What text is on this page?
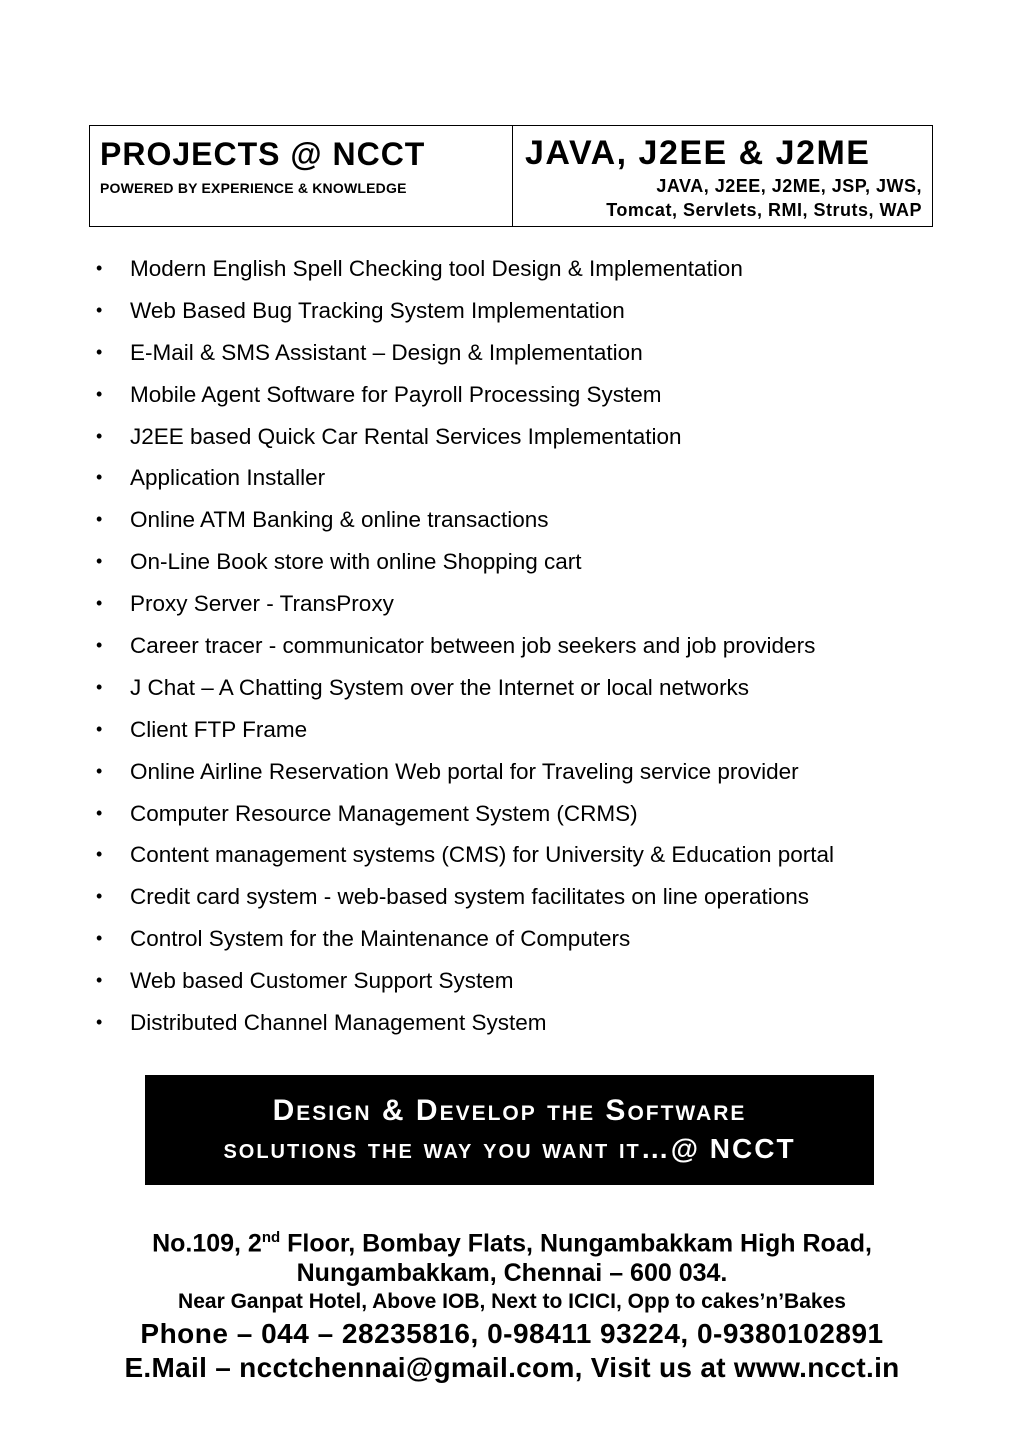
PROJECTS @ NCCT
POWERED BY EXPERIENCE & KNOWLEDGE
JAVA, J2EE & J2ME
JAVA, J2EE, J2ME, JSP, JWS,
Tomcat, Servlets, RMI, Struts, WAP
•	Modern English Spell Checking tool Design & Implementation
•	Web Based Bug Tracking System Implementation
•	E-Mail & SMS Assistant – Design & Implementation
•	Mobile Agent Software for Payroll Processing System
•	J2EE based Quick Car Rental Services Implementation
•	Application Installer
•	Online ATM Banking & online transactions
•	On-Line Book store with online Shopping cart
•	Proxy Server - TransProxy
•	Career tracer - communicator between job seekers and job providers
•	J Chat – A Chatting System over the Internet or local networks
•	Client FTP Frame
•	Online Airline Reservation Web portal for Traveling service provider
•	Computer Resource Management System (CRMS)
•	Content management systems (CMS) for University & Education portal
•	Credit card system - web-based system facilitates on line operations
•	Control System for the Maintenance of Computers
•	Web based Customer Support System
•	Distributed Channel Management System
Design & Develop the Software
solutions the way you want it…@ NCCT
No.109, 2nd Floor, Bombay Flats, Nungambakkam High Road,
Nungambakkam, Chennai – 600 034.
Near Ganpat Hotel, Above IOB, Next to ICICI, Opp to cakes’n’Bakes
Phone – 044 – 28235816, 0-98411 93224, 0-9380102891
E.Mail – ncctchennai@gmail.com, Visit us at www.ncct.in
